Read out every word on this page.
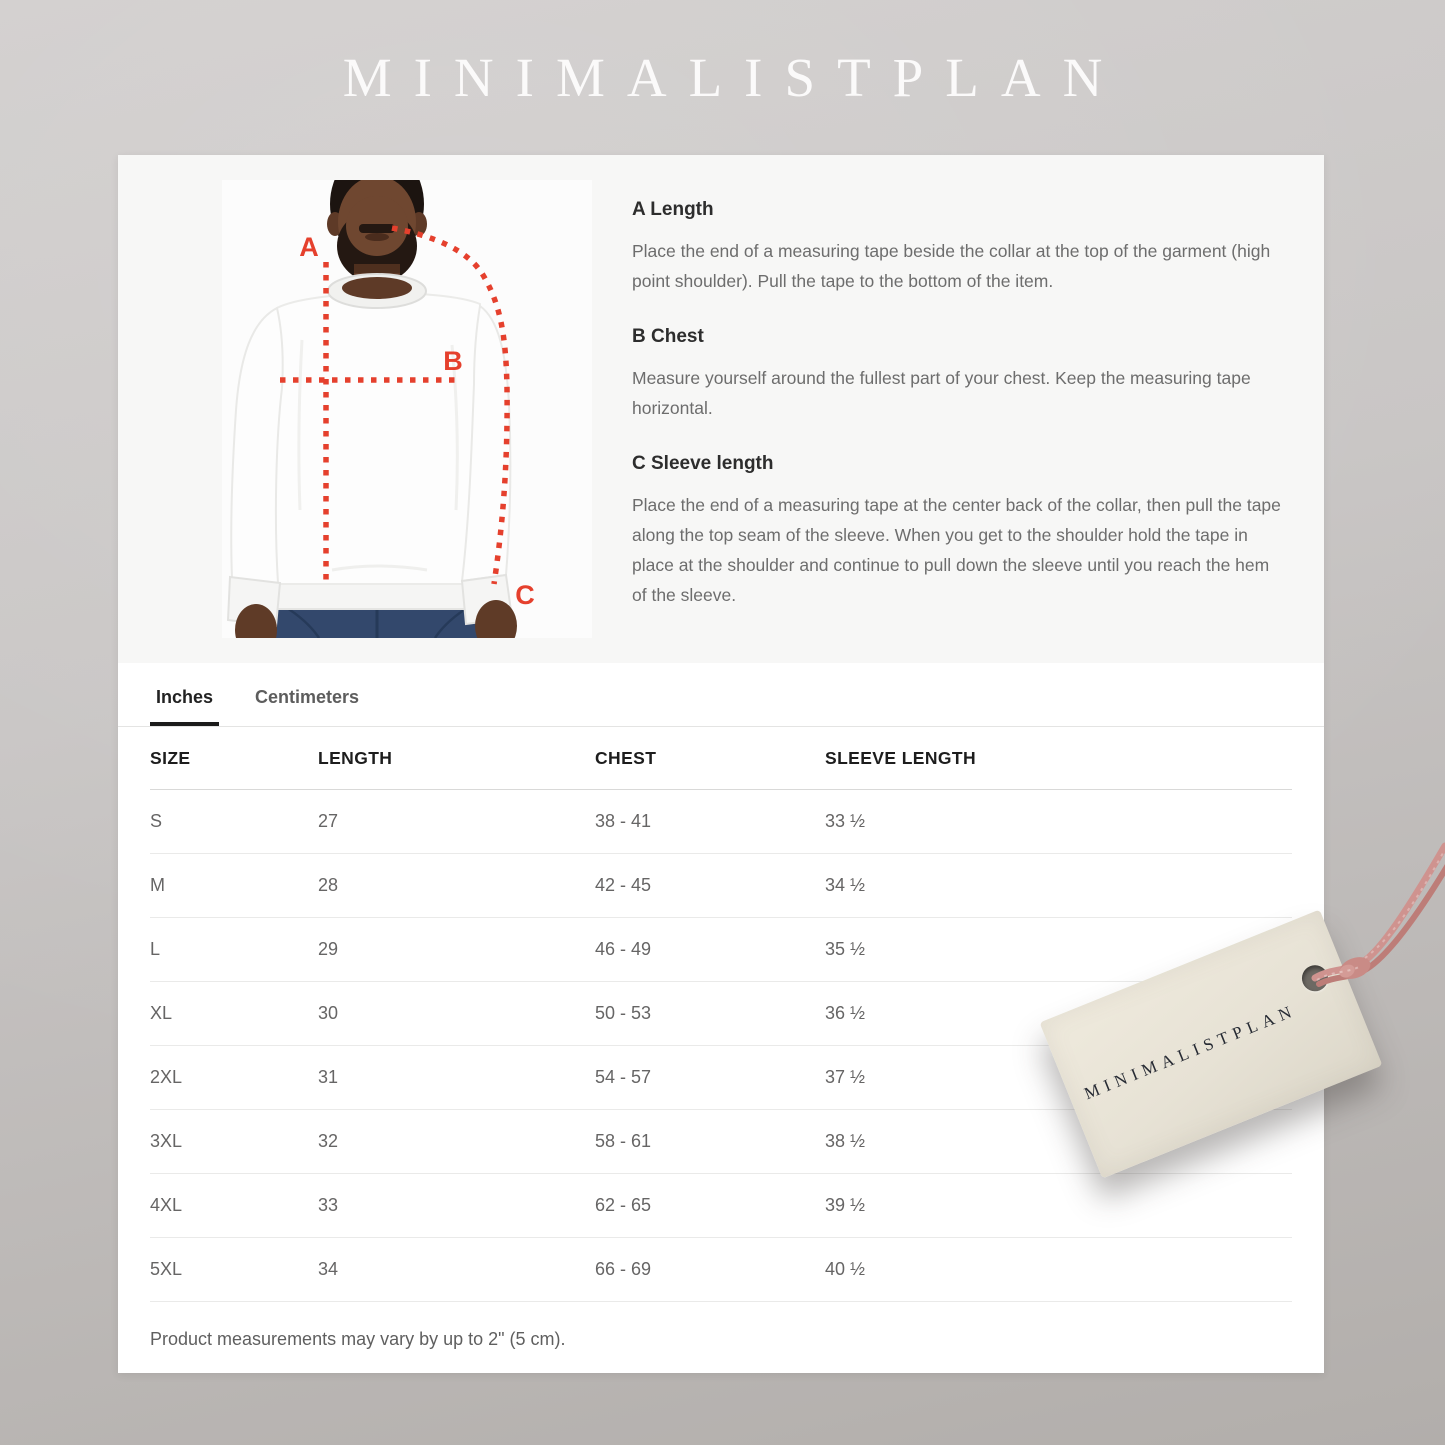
MINIMALISTPLAN
A
B
C
A Length

Place the end of a measuring tape beside the collar at the top of the garment (high point shoulder). Pull the tape to the bottom of the item.

B Chest

Measure yourself around the fullest part of your chest. Keep the measuring tape horizontal.

C Sleeve length

Place the end of a measuring tape at the center back of the collar, then pull the tape along the top seam of the sleeve. When you get to the shoulder hold the tape in place at the shoulder and continue to pull down the sleeve until you reach the hem of the sleeve.

Inches	Centimeters
SIZE	LENGTH	CHEST	SLEEVE LENGTH
S	27	38 - 41	33 ½
M	28	42 - 45	34 ½
L	29	46 - 49	35 ½
XL	30	50 - 53	36 ½
2XL	31	54 - 57	37 ½
3XL	32	58 - 61	38 ½
4XL	33	62 - 65	39 ½
5XL	34	66 - 69	40 ½
Product measurements may vary by up to 2" (5 cm).
MINIMALISTPLAN
